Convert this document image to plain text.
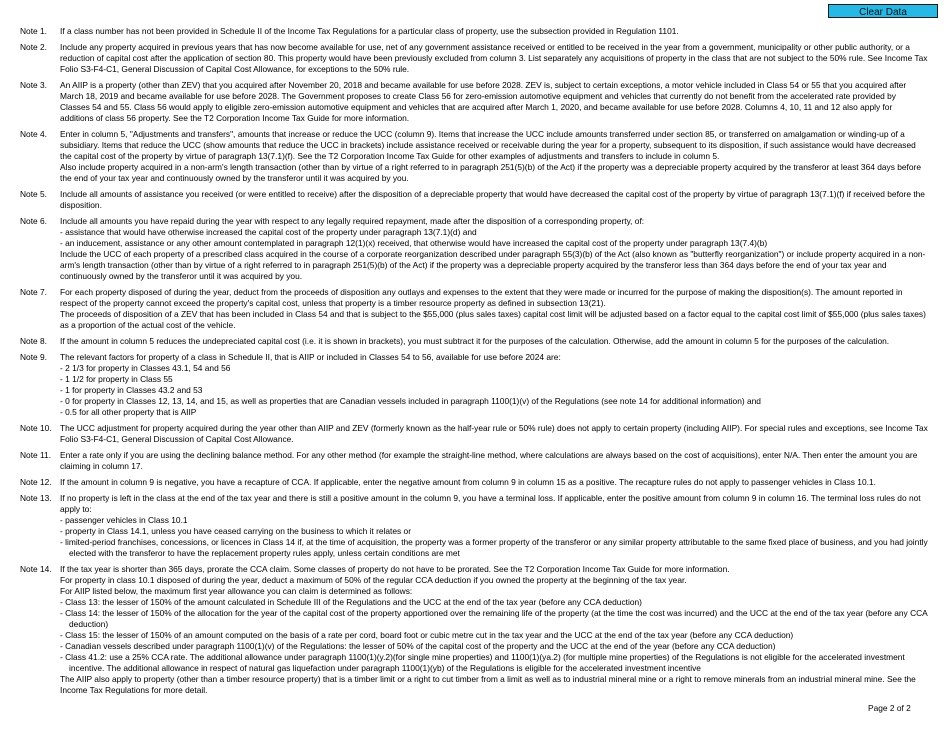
Clear Data
Note 1.	If a class number has not been provided in Schedule II of the Income Tax Regulations for a particular class of property, use the subsection provided in Regulation 1101.
Note 2.	Include any property acquired in previous years that has now become available for use, net of any government assistance received or entitled to be received in the year from a government, municipality or other public authority, or a reduction of capital cost after the application of section 80. This property would have been previously excluded from column 3. List separately any acquisitions of property in the class that are not subject to the 50% rule. See Income Tax Folio S3-F4-C1, General Discussion of Capital Cost Allowance, for exceptions to the 50% rule.
Note 3.	An AIIP is a property (other than ZEV) that you acquired after November 20, 2018 and became available for use before 2028. ZEV is, subject to certain exceptions, a motor vehicle included in Class 54 or 55 that you acquired after March 18, 2019 and became available for use before 2028. The Government proposes to create Class 56 for zero-emission automotive equipment and vehicles that currently do not benefit from the accelerated rate provided by Classes 54 and 55. Class 56 would apply to eligible zero-emission automotive equipment and vehicles that are acquired after March 1, 2020, and became available for use before 2028. Columns 4, 10, 11 and 12 also apply for additions of class 56 property. See the T2 Corporation Income Tax Guide for more information.
Note 4.	Enter in column 5, "Adjustments and transfers", amounts that increase or reduce the UCC (column 9). Items that increase the UCC include amounts transferred under section 85, or transferred on amalgamation or winding-up of a subsidiary. Items that reduce the UCC (show amounts that reduce the UCC in brackets) include assistance received or receivable during the year for a property, subsequent to its disposition, if such assistance would have decreased the capital cost of the property by virtue of paragraph 13(7.1)(f). See the T2 Corporation Income Tax Guide for other examples of adjustments and transfers to include in column 5.
Also include property acquired in a non-arm's length transaction (other than by virtue of a right referred to in paragraph 251(5)(b) of the Act) if the property was a depreciable property acquired by the transferor at least 364 days before the end of your tax year and continuously owned by the transferor until it was acquired by you.
Note 5.	Include all amounts of assistance you received (or were entitled to receive) after the disposition of a depreciable property that would have decreased the capital cost of the property by virtue of paragraph 13(7.1)(f) if received before the disposition.
Note 6.	Include all amounts you have repaid during the year with respect to any legally required repayment, made after the disposition of a corresponding property, of:
- assistance that would have otherwise increased the capital cost of the property under paragraph 13(7.1)(d) and
- an inducement, assistance or any other amount contemplated in paragraph 12(1)(x) received, that otherwise would have increased the capital cost of the property under paragraph 13(7.4)(b)
Include the UCC of each property of a prescribed class acquired in the course of a corporate reorganization described under paragraph 55(3)(b) of the Act (also known as "butterfly reorganization") or include property acquired in a non-arm's length transaction (other than by virtue of a right referred to in paragraph 251(5)(b) of the Act) if the property was a depreciable property acquired by the transferor less than 364 days before the end of your tax year and continuously owned by the transferor until it was acquired by you.
Note 7.	For each property disposed of during the year, deduct from the proceeds of disposition any outlays and expenses to the extent that they were made or incurred for the purpose of making the disposition(s). The amount reported in respect of the property cannot exceed the property's capital cost, unless that property is a timber resource property as defined in subsection 13(21).
The proceeds of disposition of a ZEV that has been included in Class 54 and that is subject to the $55,000 (plus sales taxes) capital cost limit will be adjusted based on a factor equal to the capital cost limit of $55,000 (plus sales taxes) as a proportion of the actual cost of the vehicle.
Note 8.	If the amount in column 5 reduces the undepreciated capital cost (i.e. it is shown in brackets), you must subtract it for the purposes of the calculation. Otherwise, add the amount in column 5 for the purposes of the calculation.
Note 9.	The relevant factors for property of a class in Schedule II, that is AIIP or included in Classes 54 to 56, available for use before 2024 are:
- 2 1/3 for property in Classes 43.1, 54 and 56
- 1 1/2 for property in Class 55
- 1 for property in Classes 43.2 and 53
- 0 for property in Classes 12, 13, 14, and 15, as well as properties that are Canadian vessels included in paragraph 1100(1)(v) of the Regulations (see note 14 for additional information) and
- 0.5 for all other property that is AIIP
Note 10. The UCC adjustment for property acquired during the year other than AIIP and ZEV (formerly known as the half-year rule or 50% rule) does not apply to certain property (including AIIP). For special rules and exceptions, see Income Tax Folio S3-F4-C1, General Discussion of Capital Cost Allowance.
Note 11.	Enter a rate only if you are using the declining balance method. For any other method (for example the straight-line method, where calculations are always based on the cost of acquisitions), enter N/A. Then enter the amount you are claiming in column 17.
Note 12. If the amount in column 9 is negative, you have a recapture of CCA. If applicable, enter the negative amount from column 9 in column 15 as a positive. The recapture rules do not apply to passenger vehicles in Class 10.1.
Note 13. If no property is left in the class at the end of the tax year and there is still a positive amount in the column 9, you have a terminal loss. If applicable, enter the positive amount from column 9 in column 16. The terminal loss rules do not apply to:
- passenger vehicles in Class 10.1
- property in Class 14.1, unless you have ceased carrying on the business to which it relates or
- limited-period franchises, concessions, or licences in Class 14 if, at the time of acquisition, the property was a former property of the transferor or any similar property attributable to the same fixed place of business, and you had jointly elected with the transferor to have the replacement property rules apply, unless certain conditions are met
Note 14. If the tax year is shorter than 365 days, prorate the CCA claim. Some classes of property do not have to be prorated. See the T2 Corporation Income Tax Guide for more information.
For property in class 10.1 disposed of during the year, deduct a maximum of 50% of the regular CCA deduction if you owned the property at the beginning of the tax year.
For AIIP listed below, the maximum first year allowance you can claim is determined as follows:
- Class 13: the lesser of 150% of the amount calculated in Schedule III of the Regulations and the UCC at the end of the tax year (before any CCA deduction)
- Class 14: the lesser of 150% of the allocation for the year of the capital cost of the property apportioned over the remaining life of the property (at the time the cost was incurred) and the UCC at the end of the tax year (before any CCA deduction)
- Class 15: the lesser of 150% of an amount computed on the basis of a rate per cord, board foot or cubic metre cut in the tax year and the UCC at the end of the tax year (before any CCA deduction)
- Canadian vessels described under paragraph 1100(1)(v) of the Regulations: the lesser of 50% of the capital cost of the property and the UCC at the end of the year (before any CCA deduction)
- Class 41.2: use a 25% CCA rate. The additional allowance under paragraph 1100(1)(y.2)(for single mine properties) and 1100(1)(ya.2) (for multiple mine properties) of the Regulations is not eligible for the accelerated investment incentive. The additional allowance in respect of natural gas liquefaction under paragraph 1100(1)(yb) of the Regulations is eligible for the accelerated investment incentive
The AIIP also apply to property (other than a timber resource property) that is a timber limit or a right to cut timber from a limit as well as to industrial mineral mine or a right to remove minerals from an industrial mineral mine. See the Income Tax Regulations for more detail.
Page 2 of 2
